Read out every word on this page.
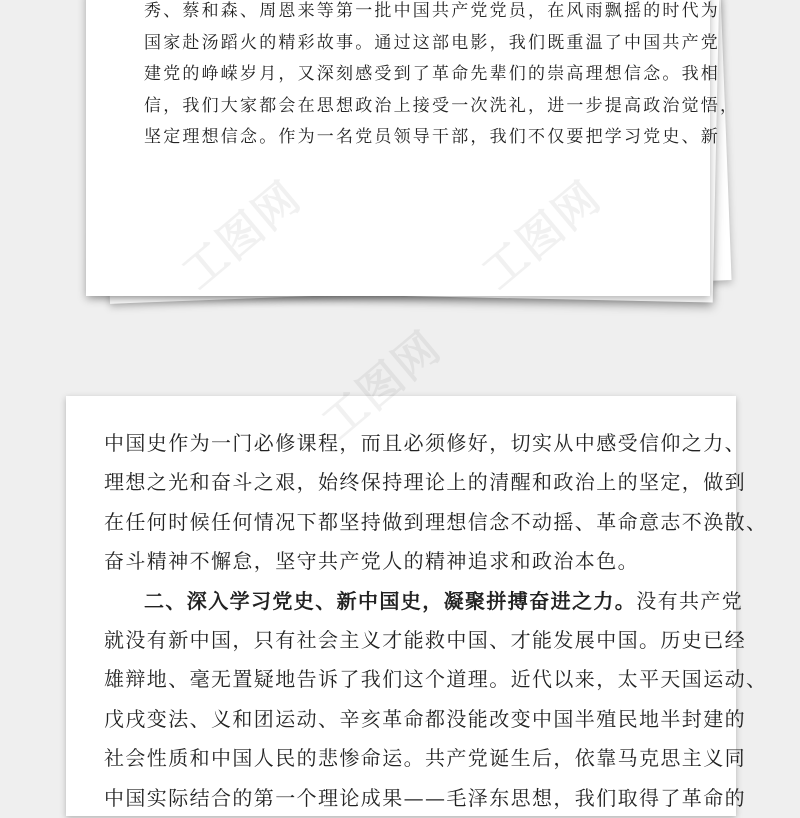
秀、蔡和森、周恩来等第一批中国共产党党员，在风雨飘摇的时代为
国家赴汤蹈火的精彩故事。通过这部电影，我们既重温了中国共产党
建党的峥嵘岁月，又深刻感受到了革命先辈们的崇高理想信念。我相
信，我们大家都会在思想政治上接受一次洗礼，进一步提高政治觉悟，
坚定理想信念。作为一名党员领导干部，我们不仅要把学习党史、新
中国史作为一门必修课程，而且必须修好，切实从中感受信仰之力、
理想之光和奋斗之艰，始终保持理论上的清醒和政治上的坚定，做到
在任何时候任何情况下都坚持做到理想信念不动摇、革命意志不涣散、
奋斗精神不懈怠，坚守共产党人的精神追求和政治本色。
二、深入学习党史、新中国史，凝聚拼搏奋进之力。没有共产党
就没有新中国，只有社会主义才能救中国、才能发展中国。历史已经
雄辩地、毫无置疑地告诉了我们这个道理。近代以来，太平天国运动、
戊戌变法、义和团运动、辛亥革命都没能改变中国半殖民地半封建的
社会性质和中国人民的悲惨命运。共产党诞生后，依靠马克思主义同
中国实际结合的第一个理论成果——毛泽东思想，我们取得了革命的
工图网
